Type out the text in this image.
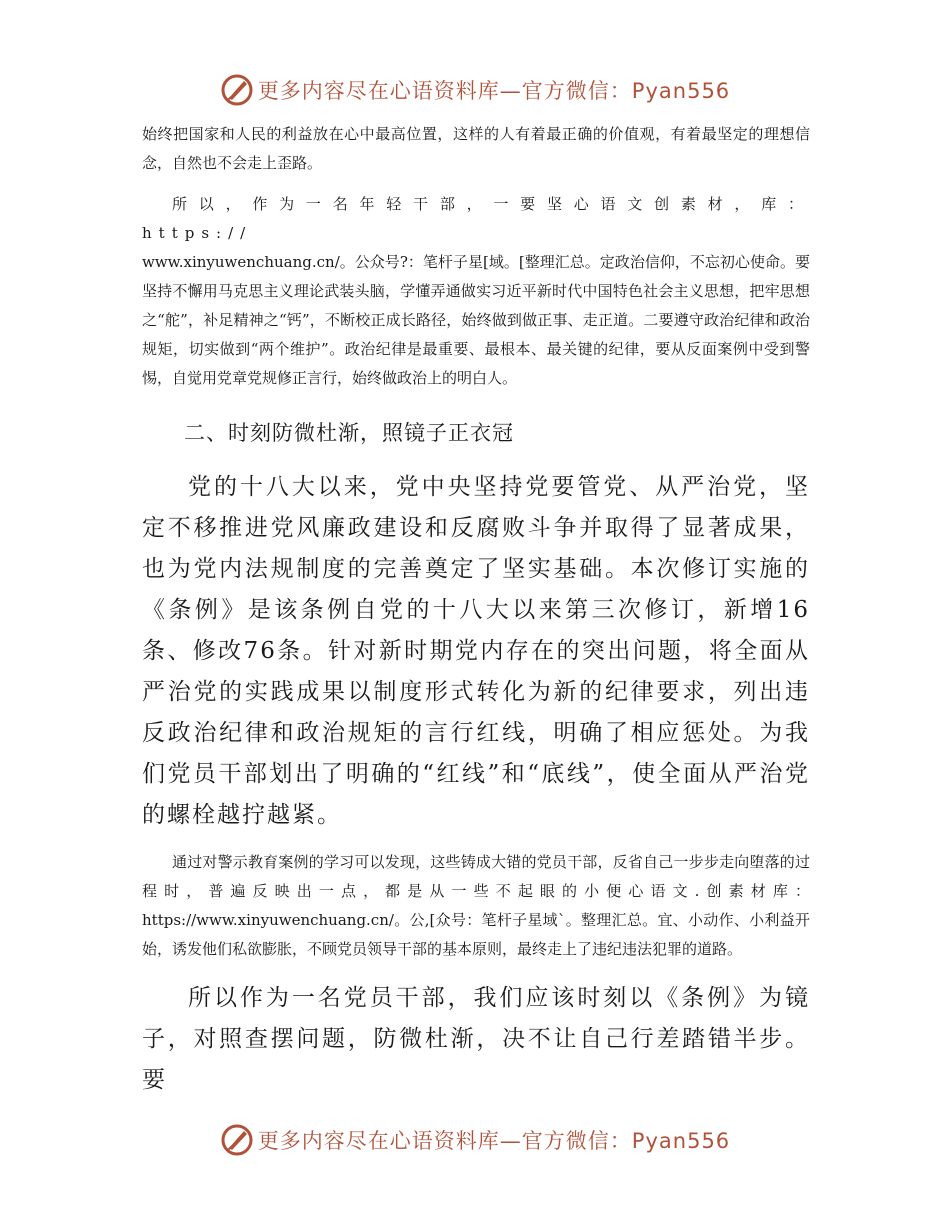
更多内容尽在心语资料库—官方微信：Pyan556

始终把国家和人民的利益放在心中最高位置，这样的人有着最正确的价值观，有着最坚定的理想信念，自然也不会走上歪路。

所以，作为一名年轻干部，一要坚心语文创素材，库：https://

www.xinyuwenchuang.cn/。公众号?：笔杆子星[域。[整理汇总。定政治信仰，不忘初心使命。要坚持不懈用马克思主义理论武装头脑，学懂弄通做实习近平新时代中国特色社会主义思想，把牢思想之“舵”，补足精神之“钙”，不断校正成长路径，始终做到做正事、走正道。二要遵守政治纪律和政治规矩，切实做到“两个维护”。政治纪律是最重要、最根本、最关键的纪律，要从反面案例中受到警惕，自觉用党章党规修正言行，始终做政治上的明白人。

二、时刻防微杜渐，照镜子正衣冠

党的十八大以来，党中央坚持党要管党、从严治党，坚定不移推进党风廉政建设和反腐败斗争并取得了显著成果，也为党内法规制度的完善奠定了坚实基础。本次修订实施的《条例》是该条例自党的十八大以来第三次修订，新增16条、修改76条。针对新时期党内存在的突出问题，将全面从严治党的实践成果以制度形式转化为新的纪律要求，列出违反政治纪律和政治规矩的言行红线，明确了相应惩处。为我们党员干部划出了明确的“红线”和“底线”，使全面从严治党的螺栓越拧越紧。

通过对警示教育案例的学习可以发现，这些铸成大错的党员干部，反省自己一步步走向堕落的过程时，普遍反映出一点，都是从一些不起眼的小便心语文.创素材库：https://www.xinyuwenchuang.cn/。公,[众号：笔杆子星域`。整理汇总。宜、小动作、小利益开始，诱发他们私欲膨胀，不顾党员领导干部的基本原则，最终走上了违纪违法犯罪的道路。

所以作为一名党员干部，我们应该时刻以《条例》为镜子，对照查摆问题，防微杜渐，决不让自己行差踏错半步。要

更多内容尽在心语资料库—官方微信：Pyan556
